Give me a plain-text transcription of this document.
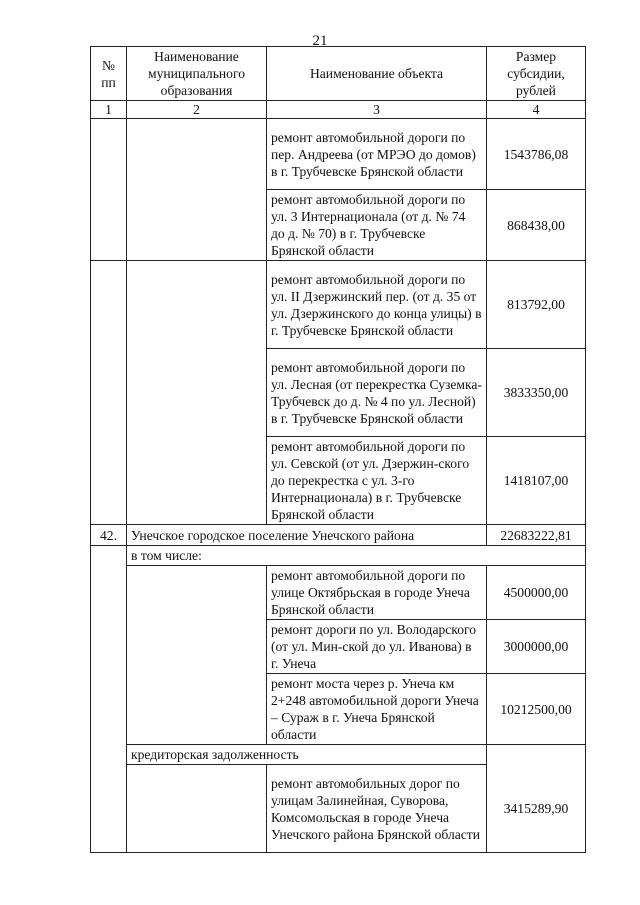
21
№ пп	Наименование муниципального образования	Наименование объекта	Размер субсидии, рублей
1	2	3	4
		ремонт автомобильной дороги по пер. Андреева (от МРЭО до домов) в г. Трубчевске Брянской области	1543786,08
		ремонт автомобильной дороги по ул. 3 Интернационала (от д. № 74 до д. № 70) в г. Трубчевске Брянской области	868438,00
		ремонт автомобильной дороги по ул. II Дзержинский пер. (от д. 35 от ул. Дзержинского до конца улицы) в г. Трубчевске Брянской области	813792,00
		ремонт автомобильной дороги по ул. Лесная (от перекрестка Суземка-Трубчевск до д. № 4 по ул. Лесной) в г. Трубчевске Брянской области	3833350,00
		ремонт автомобильной дороги по ул. Севской (от ул. Дзержин-ского до перекрестка с ул. 3-го Интернационала) в г. Трубчевске Брянской области	1418107,00
42.	Унечское городское поселение Унечского района		22683222,81
	в том числе:		
		ремонт автомобильной дороги по улице Октябрьская в городе Унеча Брянской области	4500000,00
		ремонт дороги по ул. Володарского (от ул. Мин-ской до ул. Иванова) в г. Унеча	3000000,00
		ремонт моста через р. Унеча км 2+248 автомобильной дороги Унеча – Сураж в г. Унеча Брянской области	10212500,00
	кредиторская задолженность		
		ремонт автомобильных дорог по улицам Залинейная, Суворова, Комсомольская в городе Унеча Унечского района Брянской области	3415289,90
